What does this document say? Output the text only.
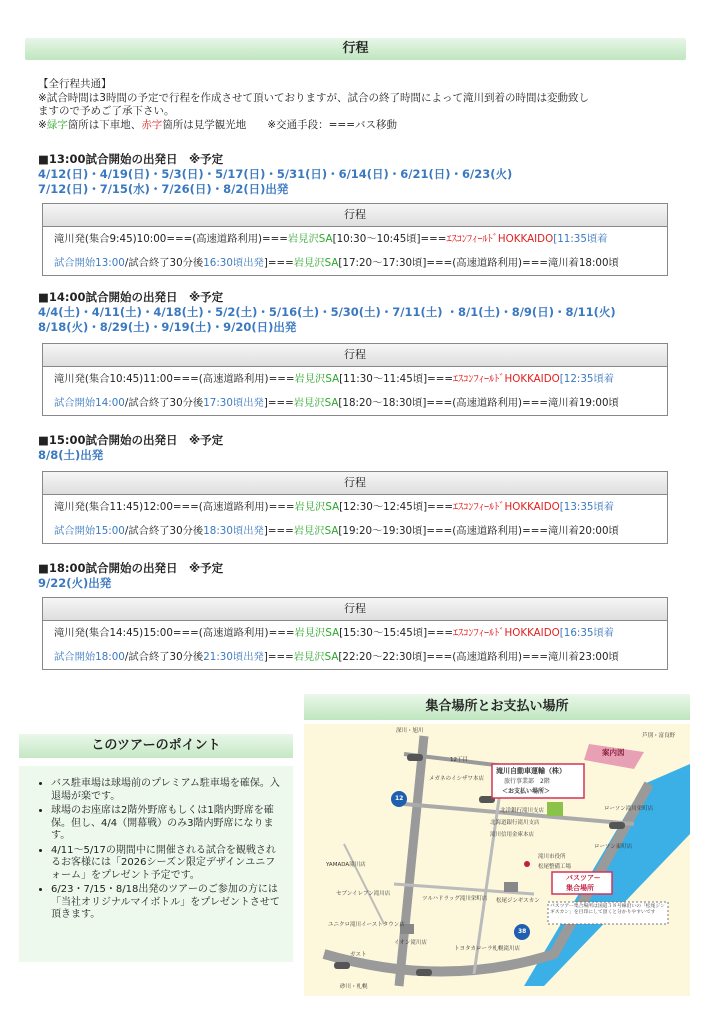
行程
【全行程共通】
※試合時間は3時間の予定で行程を作成させて頂いておりますが、試合の終了時間によって滝川到着の時間は変動致し
ますので予めご了承下さい。
※緑字箇所は下車地、赤字箇所は見学観光地　　※交通手段：===バス移動
■13:00試合開始の出発日　※予定
4/12(日)・4/19(日)・5/3(日)・5/17(日)・5/31(日)・6/14(日)・6/21(日)・6/23(火)
7/12(日)・7/15(水)・7/26(日)・8/2(日)出発
行程
滝川発(集合9:45)10:00===(高速道路利用)===岩見沢SA[10:30～10:45頃]===ｴｽｺﾝﾌｨｰﾙﾄﾞHOKKAIDO[11:35頃着
試合開始13:00/試合終了30分後16:30頃出発]===岩見沢SA[17:20～17:30頃]===(高速道路利用)===滝川着18:00頃
■14:00試合開始の出発日　※予定
4/4(土)・4/11(土)・4/18(土)・5/2(土)・5/16(土)・5/30(土)・7/11(土) ・8/1(土)・8/9(日)・8/11(火)
8/18(火)・8/29(土)・9/19(土)・9/20(日)出発
行程
滝川発(集合10:45)11:00===(高速道路利用)===岩見沢SA[11:30～11:45頃]===ｴｽｺﾝﾌｨｰﾙﾄﾞHOKKAIDO[12:35頃着
試合開始14:00/試合終了30分後17:30頃出発]===岩見沢SA[18:20～18:30頃]===(高速道路利用)===滝川着19:00頃
■15:00試合開始の出発日　※予定
8/8(土)出発
行程
滝川発(集合11:45)12:00===(高速道路利用)===岩見沢SA[12:30～12:45頃]===ｴｽｺﾝﾌｨｰﾙﾄﾞHOKKAIDO[13:35頃着
試合開始15:00/試合終了30分後18:30頃出発]===岩見沢SA[19:20～19:30頃]===(高速道路利用)===滝川着20:00頃
■18:00試合開始の出発日　※予定
9/22(火)出発
行程
滝川発(集合14:45)15:00===(高速道路利用)===岩見沢SA[15:30～15:45頃]===ｴｽｺﾝﾌｨｰﾙﾄﾞHOKKAIDO[16:35頃着
試合開始18:00/試合終了30分後21:30頃出発]===岩見沢SA[22:20～22:30頃]===(高速道路利用)===滝川着23:00頃
このツアーのポイント
• バス駐車場は球場前のプレミアム駐車場を確保。入退場が楽です。
• 球場のお座席は2階外野席もしくは1階内野席を確保。但し、4/4（開幕戦）のみ3階内野席になります。
• 4/11～5/17の期間中に開催される試合を観戦されるお客様には「2026シーズン限定デザインユニフォーム」をプレゼント予定です。
• 6/23・7/15・8/18出発のツアーのご参加の方には「当社オリジナルマイボトル」をプレゼントさせて頂きます。
集合場所とお支払い場所
案内図
滝川自動車運輸（株）
旅行事業部　2階
＜お支払い場所＞
バスツアー
集合場所
バスツアー集合場所は国道３８号線沿いの「松尾ジンギスカン」を目印にして頂くと分かりやすいです
12
38
深川・旭川
12丁目
メガネのイシザワ本店
北洋銀行滝川支店	ローソン滝川栄町店
北海道銀行滝川支店
滝川信用金庫本店
ローソン東町店
YAMADA滝川店
セブンイレブン滝川店
ツルハドラッグ滝川栄町店 松尾ジンギスカン
ユニクロ滝川イーストタウン店
イオン滝川店
トヨタカローラ札幌滝川店
ガスト
砂川・札幌
芦別・富良野
滝川市役所
松尾整備工場
